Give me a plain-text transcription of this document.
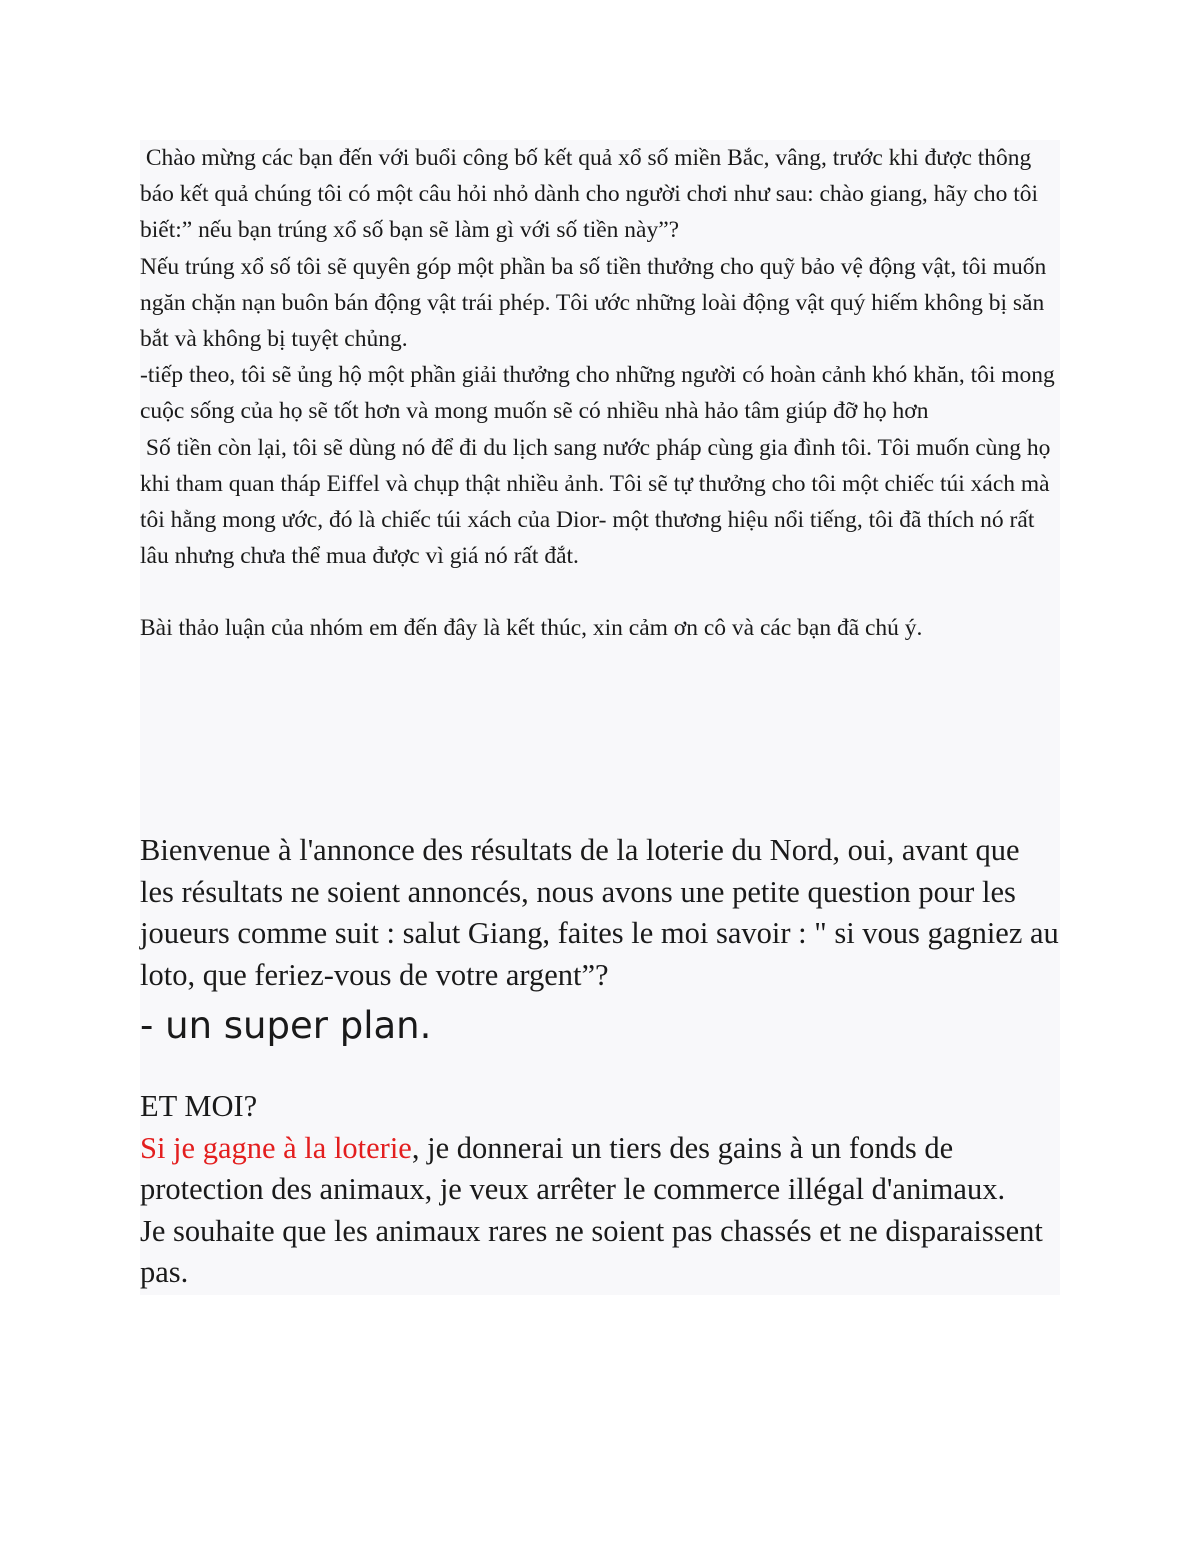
Chào mừng các bạn đến với buổi công bố kết quả xổ số miền Bắc, vâng, trước khi được thông báo kết quả chúng tôi có một câu hỏi nhỏ dành cho người chơi như sau: chào giang, hãy cho tôi biết:” nếu bạn trúng xổ số bạn sẽ làm gì với số tiền này”?

Nếu trúng xổ số tôi sẽ quyên góp một phần ba số tiền thưởng cho quỹ bảo vệ động vật, tôi muốn ngăn chặn nạn buôn bán động vật trái phép. Tôi ước những loài động vật quý hiếm không bị săn bắt và không bị tuyệt chủng.

-tiếp theo, tôi sẽ ủng hộ một phần giải thưởng cho những người có hoàn cảnh khó khăn, tôi mong cuộc sống của họ sẽ tốt hơn và mong muốn sẽ có nhiều nhà hảo tâm giúp đỡ họ hơn

Số tiền còn lại, tôi sẽ dùng nó để đi du lịch sang nước pháp cùng gia đình tôi. Tôi muốn cùng họ khi tham quan tháp Eiffel và chụp thật nhiều ảnh. Tôi sẽ tự thưởng cho tôi một chiếc túi xách mà tôi hằng mong ước, đó là chiếc túi xách của Dior- một thương hiệu nổi tiếng, tôi đã thích nó rất lâu nhưng chưa thể mua được vì giá nó rất đắt.

Bài thảo luận của nhóm em đến đây là kết thúc, xin cảm ơn cô và các bạn đã chú ý.

Bienvenue à l'annonce des résultats de la loterie du Nord, oui, avant que les résultats ne soient annoncés, nous avons une petite question pour les joueurs comme suit : salut Giang, faites le moi savoir : " si vous gagniez au loto, que feriez-vous de votre argent”?

- un super plan.

ET MOI?

Si je gagne à la loterie, je donnerai un tiers des gains à un fonds de protection des animaux, je veux arrêter le commerce illégal d'animaux.

Je souhaite que les animaux rares ne soient pas chassés et ne disparaissent pas.
